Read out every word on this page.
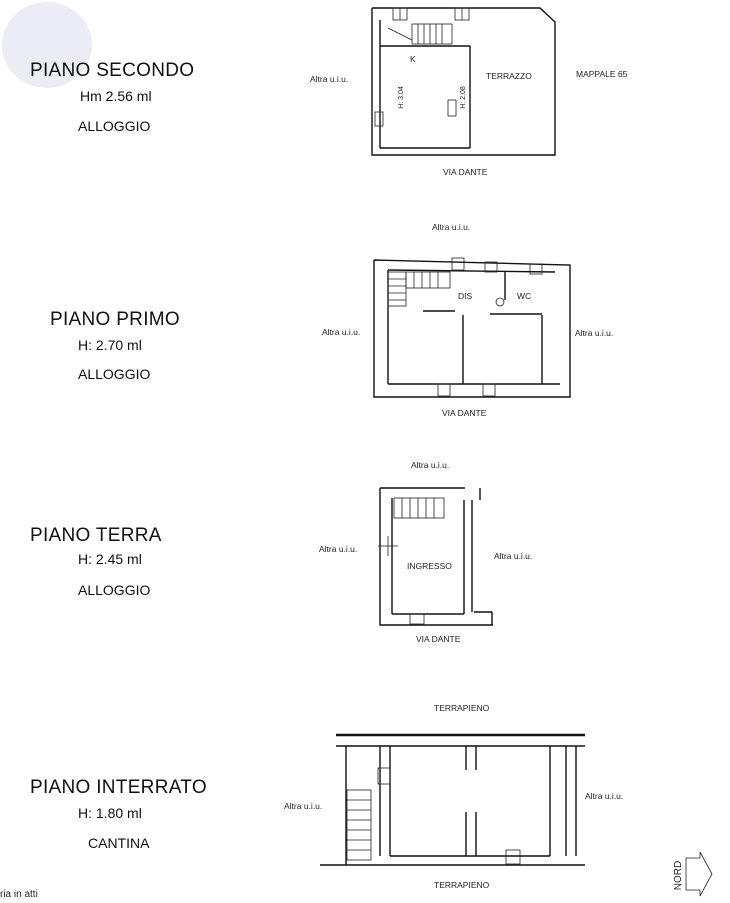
PIANO SECONDO
Hm 2.56 ml
ALLOGGIO
PIANO PRIMO
H: 2.70 ml
ALLOGGIO
PIANO TERRA
H: 2.45 ml
ALLOGGIO
PIANO INTERRATO
H: 1.80 ml
CANTINA
Altra u.i.u.
K
H: 3.04	H: 2.08
TERRAZZO	MAPPALE 65
VIA DANTE
Altra u.i.u.
Altra u.i.u.	Altra u.i.u.
DIS	WC
VIA DANTE
Altra u.i.u.
Altra u.i.u.
Altra u.i.u.
INGRESSO
VIA DANTE
TERRAPIENO
Altra u.i.u.
Altra u.i.u.
TERRAPIENO
ria in atti
NORD
